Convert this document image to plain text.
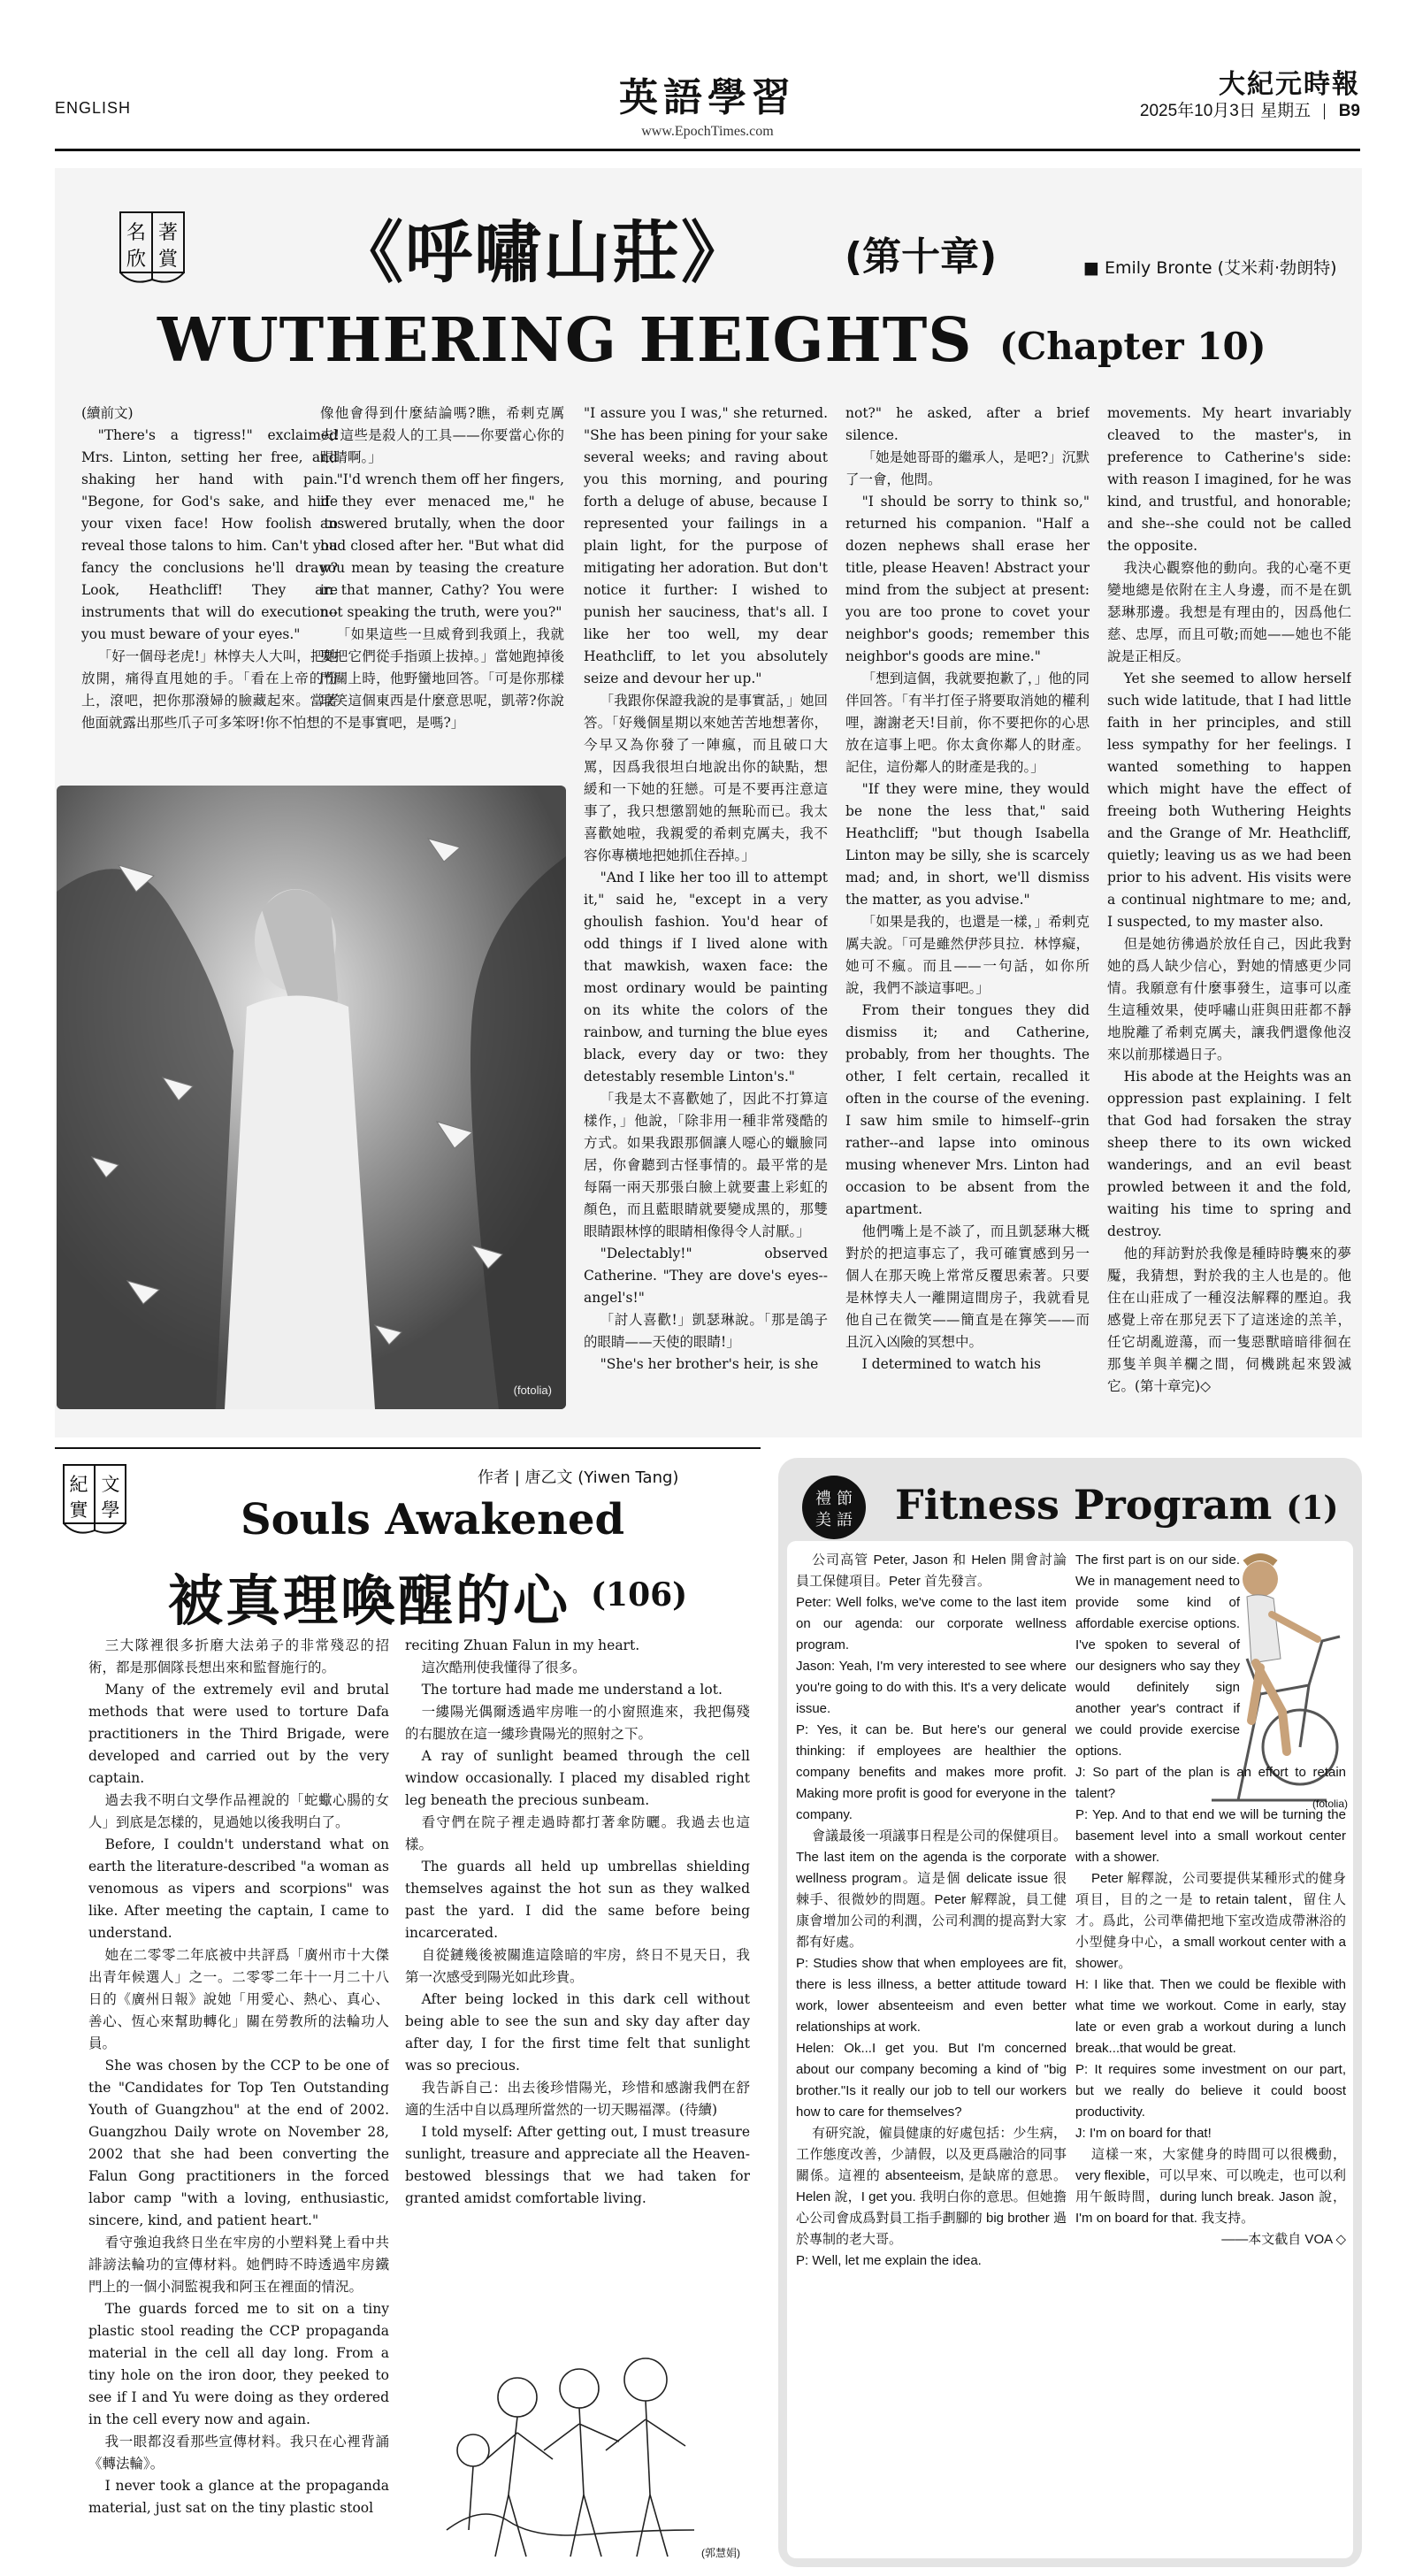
ENGLISH	英語學習
www.EpochTimes.com
大紀元時報
2025年10月3日 星期五 B9
名 著
欣 賞 《呼嘯山莊》 (第十章)	■ Emily Bronte (艾米莉‧勃朗特)
WUTHERING HEIGHTS (Chapter 10)

(續前文)

"There's a tigress!" exclaimed Mrs. Linton, setting her free, and shaking her hand with pain. "Begone, for God's sake, and hide your vixen face! How foolish to reveal those talons to him. Can't you fancy the conclusions he'll draw? Look, Heathcliff! They are instruments that will do execution--you must beware of your eyes."

「好一個母老虎!」林惇夫人大叫，把她放開，痛得直甩她的手。「看在上帝的份上，滾吧，把你那潑婦的臉藏起來。當著他面就露出那些爪子可多笨呀!你不怕想

像他會得到什麼結論嗎?瞧，希剌克厲夫!這些是殺人的工具——你要當心你的眼睛啊。」

"I'd wrench them off her fingers, if they ever menaced me," he answered brutally, when the door had closed after her. "But what did you mean by teasing the creature in that manner, Cathy? You were not speaking the truth, were you?"

「如果這些一旦威脅到我頭上，我就要把它們從手指頭上拔掉。」當她跑掉後門關上時，他野蠻地回答。「可是你那樣取笑這個東西是什麼意思呢，凱蒂?你說的不是事實吧，是嗎?」

(fotolia)

"I assure you I was," she returned. "She has been pining for your sake several weeks; and raving about you this morning, and pouring forth a deluge of abuse, because I represented your failings in a plain light, for the purpose of mitigating her adoration. But don't notice it further: I wished to punish her sauciness, that's all. I like her too well, my dear Heathcliff, to let you absolutely seize and devour her up."

「我跟你保證我說的是事實話，」她回答。「好幾個星期以來她苦苦地想著你，今早又為你發了一陣瘋，而且破口大罵，因爲我很坦白地說出你的缺點，想緩和一下她的狂戀。可是不要再注意這事了，我只想懲罰她的無恥而已。我太喜歡她啦，我親愛的希剌克厲夫，我不容你專橫地把她抓住吞掉。」

"And I like her too ill to attempt it," said he, "except in a very ghoulish fashion. You'd hear of odd things if I lived alone with that mawkish, waxen face: the most ordinary would be painting on its white the colors of the rainbow, and turning the blue eyes black, every day or two: they detestably resemble Linton's."

「我是太不喜歡她了，因此不打算這樣作，」他說，「除非用一種非常殘酷的方式。如果我跟那個讓人噁心的蠟臉同居，你會聽到古怪事情的。最平常的是每隔一兩天那張白臉上就要畫上彩虹的顏色，而且藍眼睛就要變成黑的，那雙眼睛跟林惇的眼睛相像得令人討厭。」

"Delectably!" observed Catherine. "They are dove's eyes--angel's!"

「討人喜歡!」凱瑟琳說。「那是鴿子的眼睛——天使的眼睛!」

"She's her brother's heir, is she

not?" he asked, after a brief silence.

「她是她哥哥的繼承人，是吧?」沉默了一會，他問。

"I should be sorry to think so," returned his companion. "Half a dozen nephews shall erase her title, please Heaven! Abstract your mind from the subject at present: you are too prone to covet your neighbor's goods; remember this neighbor's goods are mine."

「想到這個，我就要抱歉了，」他的同伴回答。「有半打侄子將要取消她的權利哩，謝謝老天!目前，你不要把你的心思放在這事上吧。你太貪你鄰人的財產。記住，這份鄰人的財產是我的。」

"If they were mine, they would be none the less that," said Heathcliff; "but though Isabella Linton may be silly, she is scarcely mad; and, in short, we'll dismiss the matter, as you advise."

「如果是我的，也還是一樣，」希剌克厲夫說。「可是雖然伊莎貝拉．林惇癡，她可不瘋。而且——一句話，如你所說，我們不談這事吧。」

From their tongues they did dismiss it; and Catherine, probably, from her thoughts. The other, I felt certain, recalled it often in the course of the evening. I saw him smile to himself--grin rather--and lapse into ominous musing whenever Mrs. Linton had occasion to be absent from the apartment.

他們嘴上是不談了，而且凱瑟琳大概對於的把這事忘了，我可確實感到另一個人在那天晚上常常反覆思索著。只要是林惇夫人一離開這間房子，我就看見他自己在微笑——簡直是在獰笑——而且沉入凶險的冥想中。

I determined to watch his

movements. My heart invariably cleaved to the master's, in preference to Catherine's side: with reason I imagined, for he was kind, and trustful, and honorable; and she--she could not be called the opposite.

我決心觀察他的動向。我的心毫不更變地總是依附在主人身邊，而不是在凱瑟琳那邊。我想是有理由的，因爲他仁慈、忠厚，而且可敬;而她——她也不能說是正相反。

Yet she seemed to allow herself such wide latitude, that I had little faith in her principles, and still less sympathy for her feelings. I wanted something to happen which might have the effect of freeing both Wuthering Heights and the Grange of Mr. Heathcliff, quietly; leaving us as we had been prior to his advent. His visits were a continual nightmare to me; and, I suspected, to my master also.

但是她彷彿過於放任自己，因此我對她的爲人缺少信心，對她的情感更少同情。我願意有什麼事發生，這事可以產生這種效果，使呼嘯山莊與田莊都不靜地脫離了希剌克厲夫，讓我們還像他沒來以前那樣過日子。

His abode at the Heights was an oppression past explaining. I felt that God had forsaken the stray sheep there to its own wicked wanderings, and an evil beast prowled between it and the fold, waiting his time to spring and destroy.

他的拜訪對於我像是種時時襲來的夢魘，我猜想，對於我的主人也是的。他住在山莊成了一種沒法解釋的壓迫。我感覺上帝在那兒丟下了這迷途的羔羊，任它胡亂遊蕩，而一隻惡獸暗暗徘徊在那隻羊與羊欄之間，伺機跳起來毀滅它。(第十章完)◇

紀 文
實 學
作者 | 唐乙文 (Yiwen Tang)
Souls Awakened
被真理喚醒的心 (106)

三大隊裡很多折磨大法弟子的非常殘忍的招術，都是那個隊長想出來和監督施行的。

Many of the extremely evil and brutal methods that were used to torture Dafa practitioners in the Third Brigade, were developed and carried out by the very captain.

過去我不明白文學作品裡說的「蛇蠍心腸的女人」到底是怎樣的，見過她以後我明白了。

Before, I couldn't understand what on earth the literature-described "a woman as venomous as vipers and scorpions" was like. After meeting the captain, I came to understand.

她在二零零二年底被中共評爲「廣州市十大傑出青年候選人」之一。二零零二年十一月二十八日的《廣州日報》說她「用愛心、熱心、真心、善心、恆心來幫助轉化」關在勞教所的法輪功人員。

She was chosen by the CCP to be one of the "Candidates for Top Ten Outstanding Youth of Guangzhou" at the end of 2002. Guangzhou Daily wrote on November 28, 2002 that she had been converting the Falun Gong practitioners in the forced labor camp "with a loving, enthusiastic, sincere, kind, and patient heart."

看守強迫我終日坐在牢房的小塑料凳上看中共誹謗法輪功的宣傳材料。她們時不時透過牢房鐵門上的一個小洞監視我和阿玉在裡面的情況。

The guards forced me to sit on a tiny plastic stool reading the CCP propaganda material in the cell all day long. From a tiny hole on the iron door, they peeked to see if I and Yu were doing as they ordered in the cell every now and again.

我一眼都沒看那些宣傳材料。我只在心裡背誦《轉法輪》。

I never took a glance at the propaganda material, just sat on the tiny plastic stool

reciting Zhuan Falun in my heart.

這次酷刑使我懂得了很多。

The torture had made me understand a lot.

一縷陽光偶爾透過牢房唯一的小窗照進來，我把傷殘的右腿放在這一縷珍貴陽光的照射之下。

A ray of sunlight beamed through the cell window occasionally. I placed my disabled right leg beneath the precious sunbeam.

看守們在院子裡走過時都打著傘防曬。我過去也這樣。

The guards all held up umbrellas shielding themselves against the hot sun as they walked past the yard. I did the same before being incarcerated.

自從鏈幾後被關進這陰暗的牢房，終日不見天日，我第一次感受到陽光如此珍貴。

After being locked in this dark cell without being able to see the sun and sky day after day after day, I for the first time felt that sunlight was so precious.

我告訴自己：出去後珍惜陽光，珍惜和感謝我們在舒適的生活中自以爲理所當然的一切天賜福澤。(待續)

I told myself: After getting out, I must treasure sunlight, treasure and appreciate all the Heaven-bestowed blessings that we had taken for granted amidst comfortable living.

(郭慧娟)
禮 節
美 語 Fitness Program (1)
(fotolia)

公司高管 Peter, Jason 和 Helen 開會討論員工保健項目。Peter 首先發言。

Peter: Well folks, we've come to the last item on our agenda: our corporate wellness program.

Jason: Yeah, I'm very interested to see where you're going to do with this. It's a very delicate issue.

P: Yes, it can be. But here's our general thinking: if employees are healthier the company benefits and makes more profit. Making more profit is good for everyone in the company.

會議最後一項議事日程是公司的保健項目。The last item on the agenda is the corporate wellness program。這是個 delicate issue 很棘手、很微妙的問題。Peter 解釋說，員工健康會增加公司的利潤，公司利潤的提高對大家都有好處。

P: Studies show that when employees are fit, there is less illness, a better attitude toward work, lower absenteeism and even better relationships at work.

Helen: Ok...I get you. But I'm concerned about our company becoming a kind of "big brother."Is it really our job to tell our workers how to care for themselves?

有研究說，僱員健康的好處包括：少生病，工作態度改善，少請假，以及更爲融洽的同事關係。這裡的 absenteeism, 是缺席的意思。Helen 說，I get you. 我明白你的意思。但她擔心公司會成爲對員工指手劃腳的 big brother 過於專制的老大哥。

P: Well, let me explain the idea.

The first part is on our side. We in management need to provide some kind of affordable exercise options. I've spoken to several of our designers who say they would definitely sign another year's contract if we could provide exercise options.

J: So part of the plan is an effort to retain talent?

P: Yep. And to that end we will be turning the basement level into a small workout center with a shower.

Peter 解釋說，公司要提供某種形式的健身項目，目的之一是 to retain talent，留住人才。爲此，公司準備把地下室改造成帶淋浴的小型健身中心，a small workout center with a shower。

H: I like that. Then we could be flexible with what time we workout. Come in early, stay late or even grab a workout during a lunch break...that would be great.

P: It requires some investment on our part, but we really do believe it could boost productivity.

J: I'm on board for that!

這樣一來，大家健身的時間可以很機動，very flexible，可以早來、可以晚走，也可以利用午飯時間，during lunch break. Jason 說，I'm on board for that. 我支持。

——本文截自 VOA ◇
